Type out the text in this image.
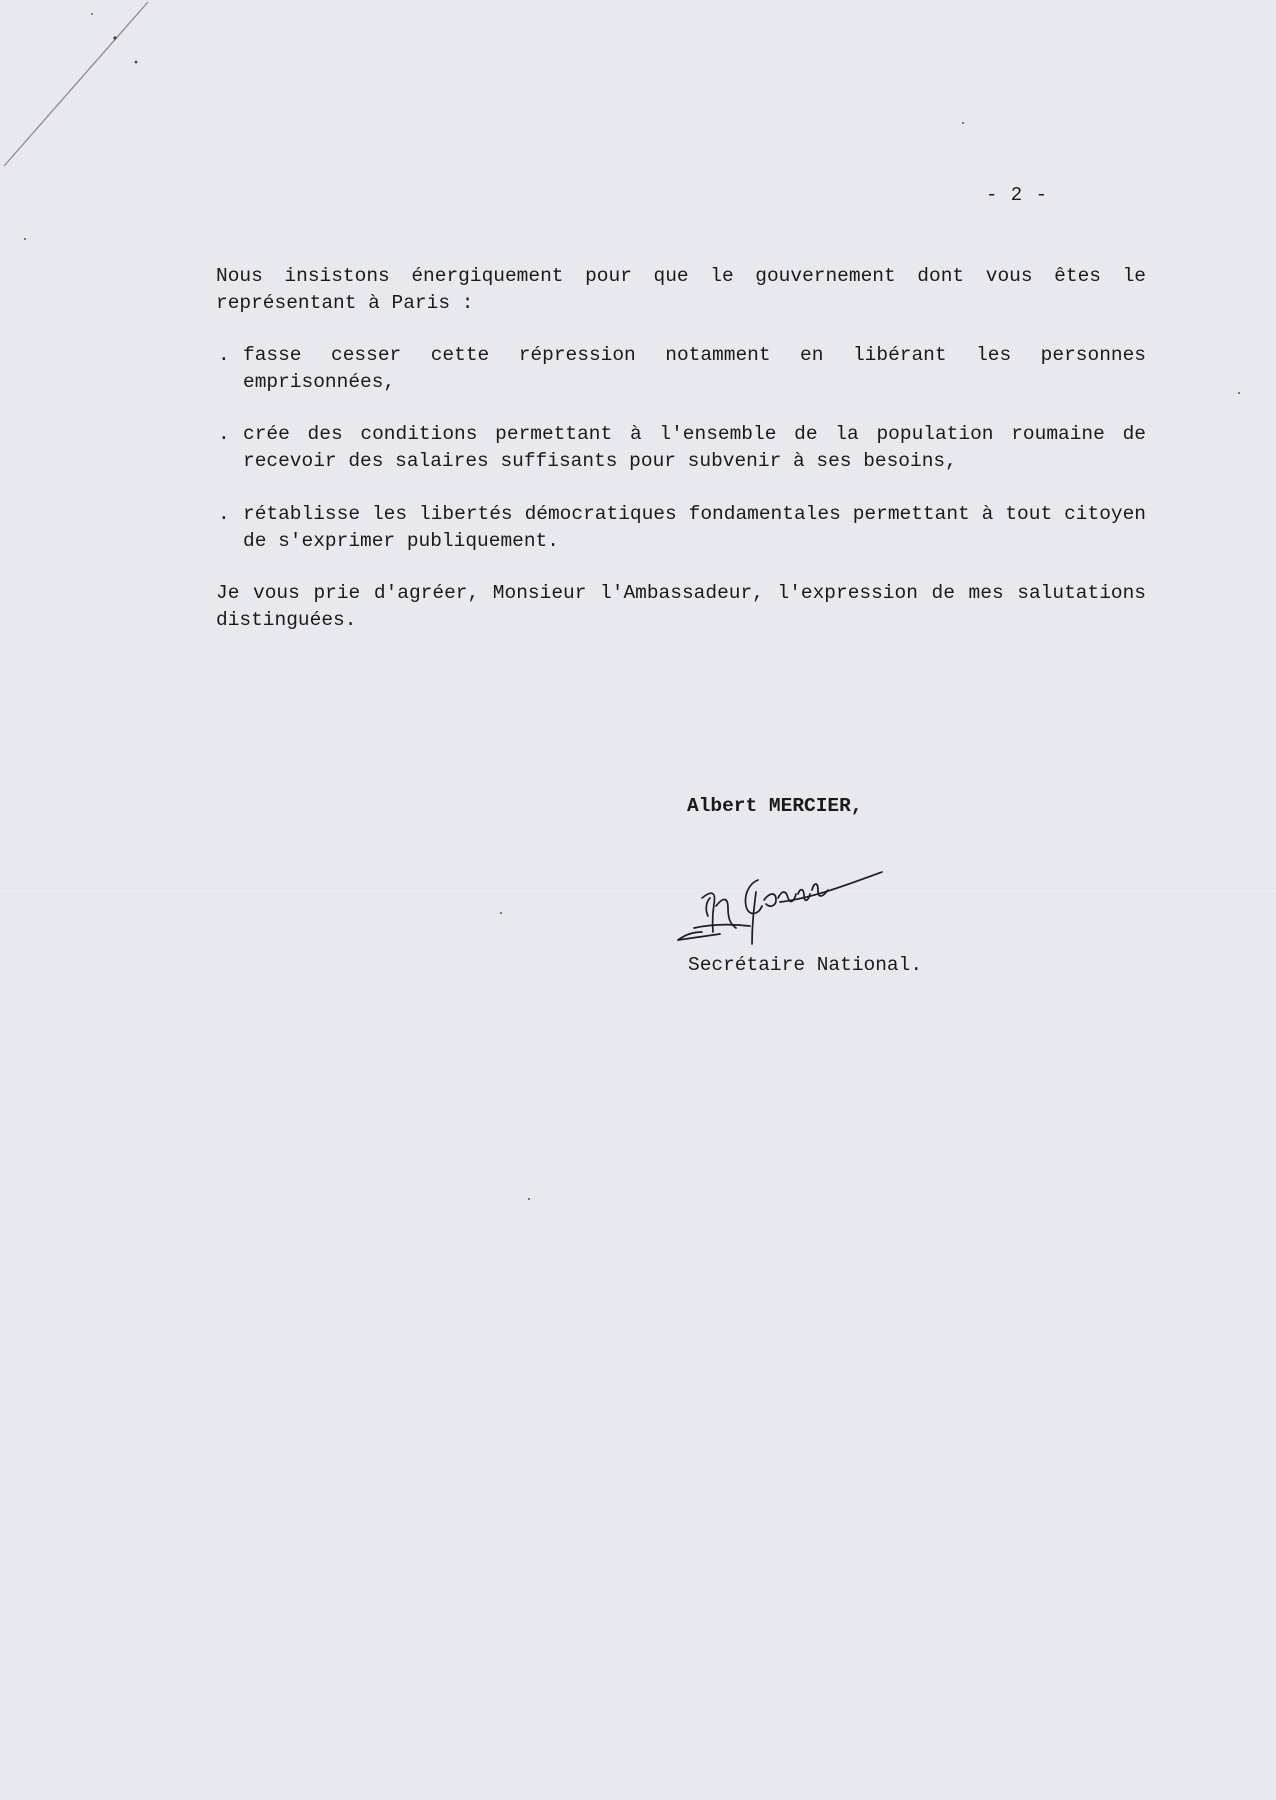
- 2 -

Nous insistons énergiquement pour que le gouvernement dont vous êtes le représentant à Paris :

. fasse cesser cette répression notamment en libérant les personnes emprisonnées,
. crée des conditions permettant à l'ensemble de la population roumaine de recevoir des salaires suffisants pour subvenir à ses besoins,
. rétablisse les libertés démocratiques fondamentales permettant à tout citoyen de s'exprimer publiquement.

Je vous prie d'agréer, Monsieur l'Ambassadeur, l'expression de mes salutations distinguées.

Albert MERCIER,
Secrétaire National.
